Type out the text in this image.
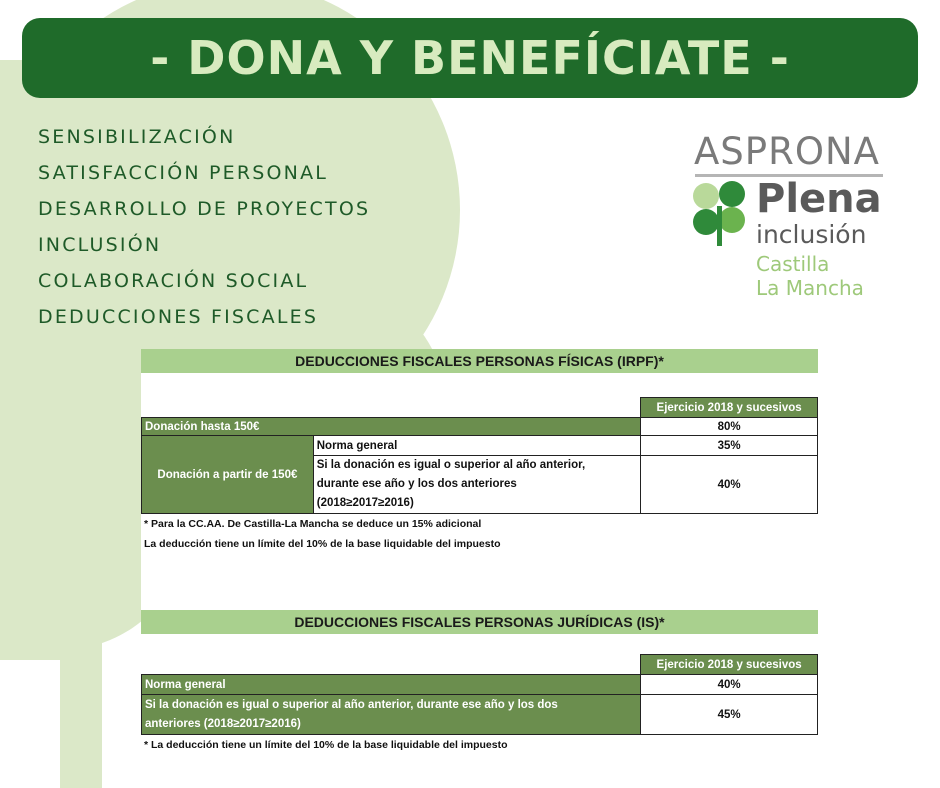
- DONA Y BENEFÍCIATE -
SENSIBILIZACIÓN
SATISFACCIÓN PERSONAL
DESARROLLO DE PROYECTOS
INCLUSIÓN
COLABORACIÓN SOCIAL
DEDUCCIONES FISCALES
ASPRONA
Plena
inclusión
Castilla
La Mancha
DEDUCCIONES FISCALES PERSONAS FÍSICAS (IRPF)*
		Ejercicio 2018 y sucesivos
Donación hasta 150€		80%
Donación a partir de 150€	Norma general	35%

	Si la donación es igual o superior al año anterior,
durante ese año y los dos anteriores
(2018≥2017≥2016)	40%
* Para la CC.AA. De Castilla-La Mancha se deduce un 15% adicional
La deducción tiene un límite del 10% de la base liquidable del impuesto
DEDUCCIONES FISCALES PERSONAS JURÍDICAS (IS)*
	Ejercicio 2018 y sucesivos
Norma general	40%

Si la donación es igual o superior al año anterior, durante ese año y los dos
anteriores (2018≥2017≥2016)	45%
* La deducción tiene un límite del 10% de la base liquidable del impuesto
